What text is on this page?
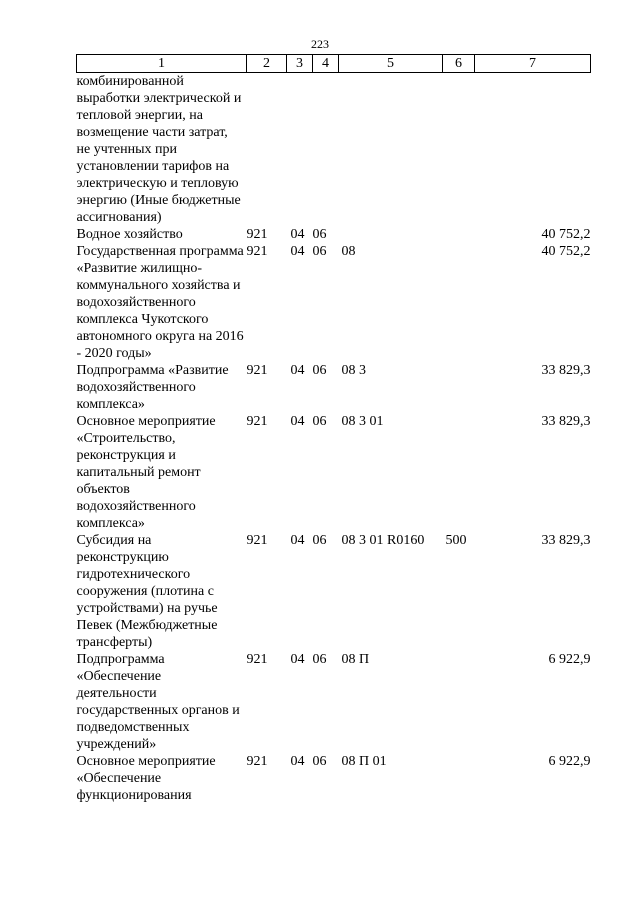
223
1	2	3	4	5	6	7
комбинированной выработки электрической и тепловой энергии, на возмещение части затрат, не учтенных при установлении тарифов на электрическую и тепловую энергию (Иные бюджетные ассигнования)						
Водное хозяйство	921	04	06			40 752,2
Государственная программа «Развитие жилищно-коммунального хозяйства и водохозяйственного комплекса Чукотского автономного округа на 2016 - 2020 годы»	921	04	06	08		40 752,2
Подпрограмма «Развитие водохозяйственного комплекса»	921	04	06	08 3		33 829,3
Основное мероприятие «Строительство, реконструкция и капитальный ремонт объектов водохозяйственного комплекса»	921	04	06	08 3 01		33 829,3
Субсидия на реконструкцию гидротехнического сооружения (плотина с устройствами) на ручье Певек (Межбюджетные трансферты)	921	04	06	08 3 01 R0160	500	33 829,3
Подпрограмма «Обеспечение деятельности государственных органов и подведомственных учреждений»	921	04	06	08 П		6 922,9
Основное мероприятие «Обеспечение функционирования	921	04	06	08 П 01		6 922,9
